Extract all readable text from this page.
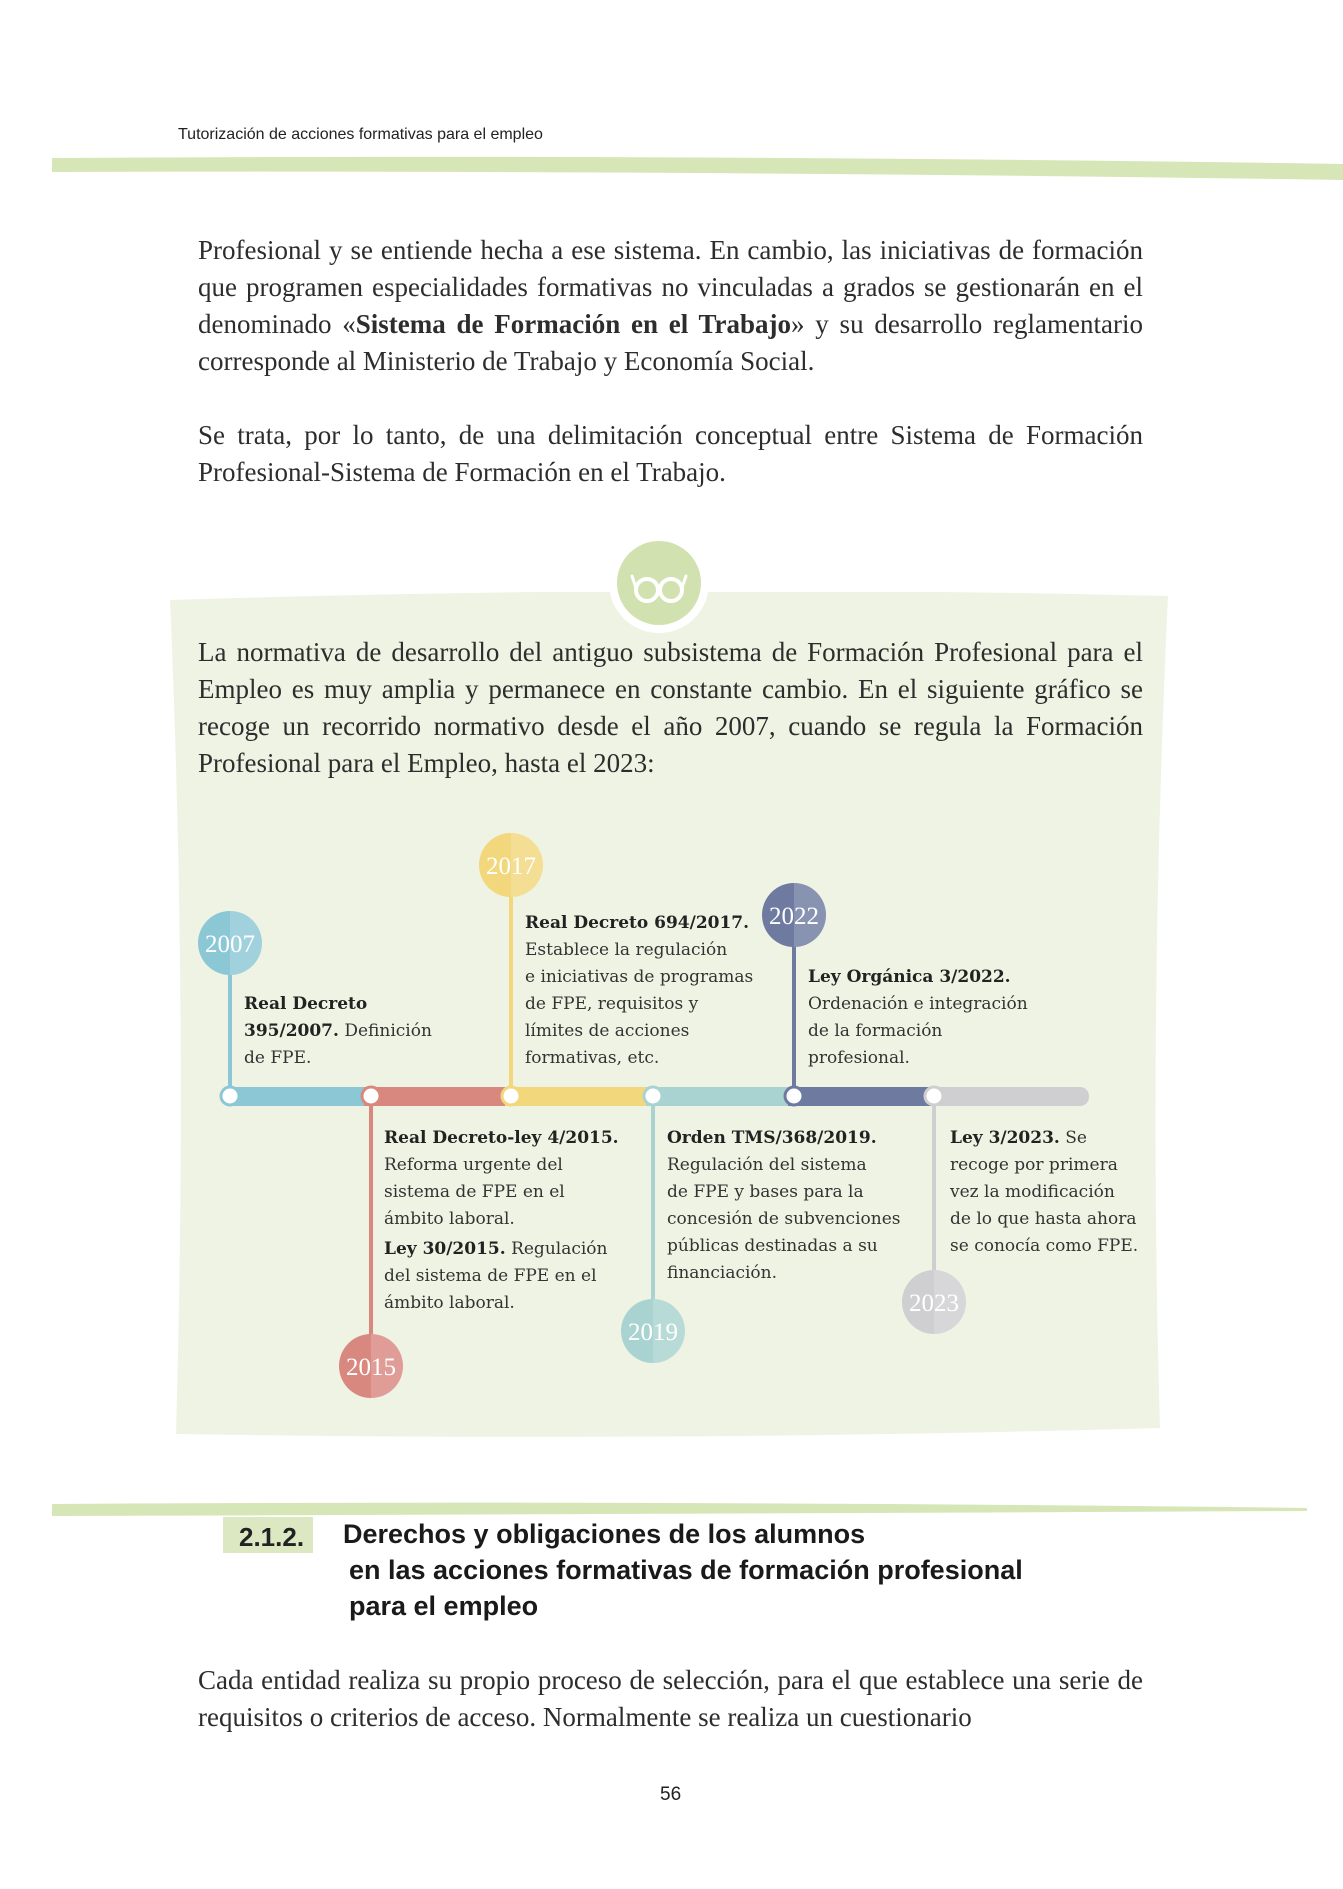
Tutorización de acciones formativas para el empleo
Profesional y se entiende hecha a ese sistema. En cambio, las iniciativas de formación que programen especialidades formativas no vinculadas a grados se gestionarán en el denominado «Sistema de Formación en el Trabajo» y su desarrollo reglamentario corresponde al Ministerio de Trabajo y Economía Social.
Se trata, por lo tanto, de una delimitación conceptual entre Sistema de Formación Profesional-Sistema de Formación en el Trabajo.
La normativa de desarrollo del antiguo subsistema de Formación Profesional para el Empleo es muy amplia y permanece en constante cambio. En el siguiente gráfico se recoge un recorrido normativo desde el año 2007, cuando se regula la Formación Profesional para el Empleo, hasta el 2023:
2007
2015
2017
2019
2022
2023
Real Decreto
395/2007. Definición
de FPE.
Real Decreto-ley 4/2015.
Reforma urgente del
sistema de FPE en el
ámbito laboral.
Ley 30/2015. Regulación
del sistema de FPE en el
ámbito laboral.
Real Decreto 694/2017.
Establece la regulación
e iniciativas de programas
de FPE, requisitos y
límites de acciones
formativas, etc.
Orden TMS/368/2019.
Regulación del sistema
de FPE y bases para la
concesión de subvenciones
públicas destinadas a su
financiación.
Ley Orgánica 3/2022.
Ordenación e integración
de la formación
profesional.
Ley 3/2023. Se
recoge por primera
vez la modificación
de lo que hasta ahora
se conocía como FPE.
2.1.2. Derechos y obligaciones de los alumnos
en las acciones formativas de formación profesional
para el empleo
Cada entidad realiza su propio proceso de selección, para el que establece una serie de requisitos o criterios de acceso. Normalmente se realiza un cuestionario
56
